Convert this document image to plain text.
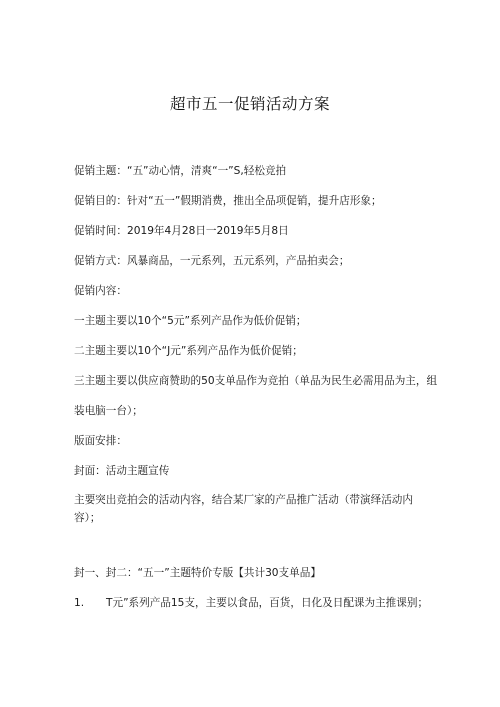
超市五一促销活动方案
促销主题：“五”动心情，清爽“一”S,轻松竞拍
促销目的：针对“五一”假期消费，推出全品项促销，提升店形象；
促销时间：2019年4月28日一2019年5月8日
促销方式：风暴商品，一元系列，五元系列，产品拍卖会；
促销内容：
一主题主要以10个“5元”系列产品作为低价促销；
二主题主要以10个“J元”系列产品作为低价促销；
三主题主要以供应商赞助的50支单品作为竞拍（单品为民生必需用品为主，组
装电脑一台）；
版面安排：
封面：活动主题宣传
主要突出竞拍会的活动内容，结合某厂家的产品推广活动（带演绎活动内容）；
封一、封二：“五一”主题特价专版【共计30支单品】
1. T元”系列产品15支，主要以食品，百货，日化及日配课为主推课别；
